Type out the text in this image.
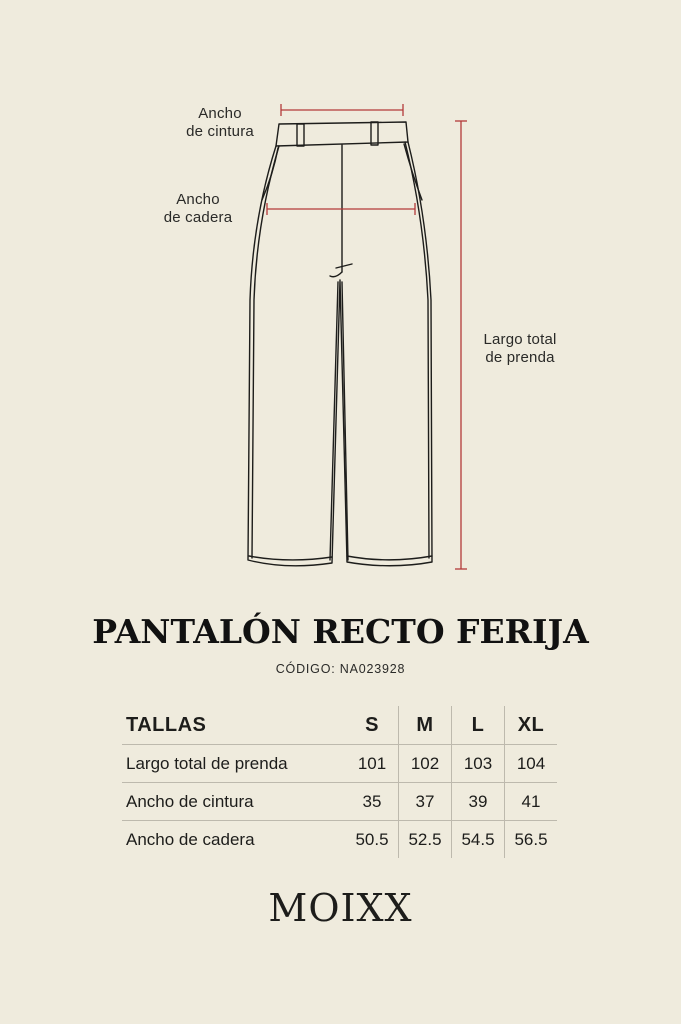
Ancho
de cintura
Ancho
de cadera
Largo total
de prenda
PANTALÓN RECTO FERIJA
CÓDIGO: NA023928
TALLAS	S	M	L	XL
Largo total de prenda	101	102	103	104
Ancho de cintura	35	37	39	41
Ancho de cadera	50.5	52.5	54.5	56.5
MOIXX
